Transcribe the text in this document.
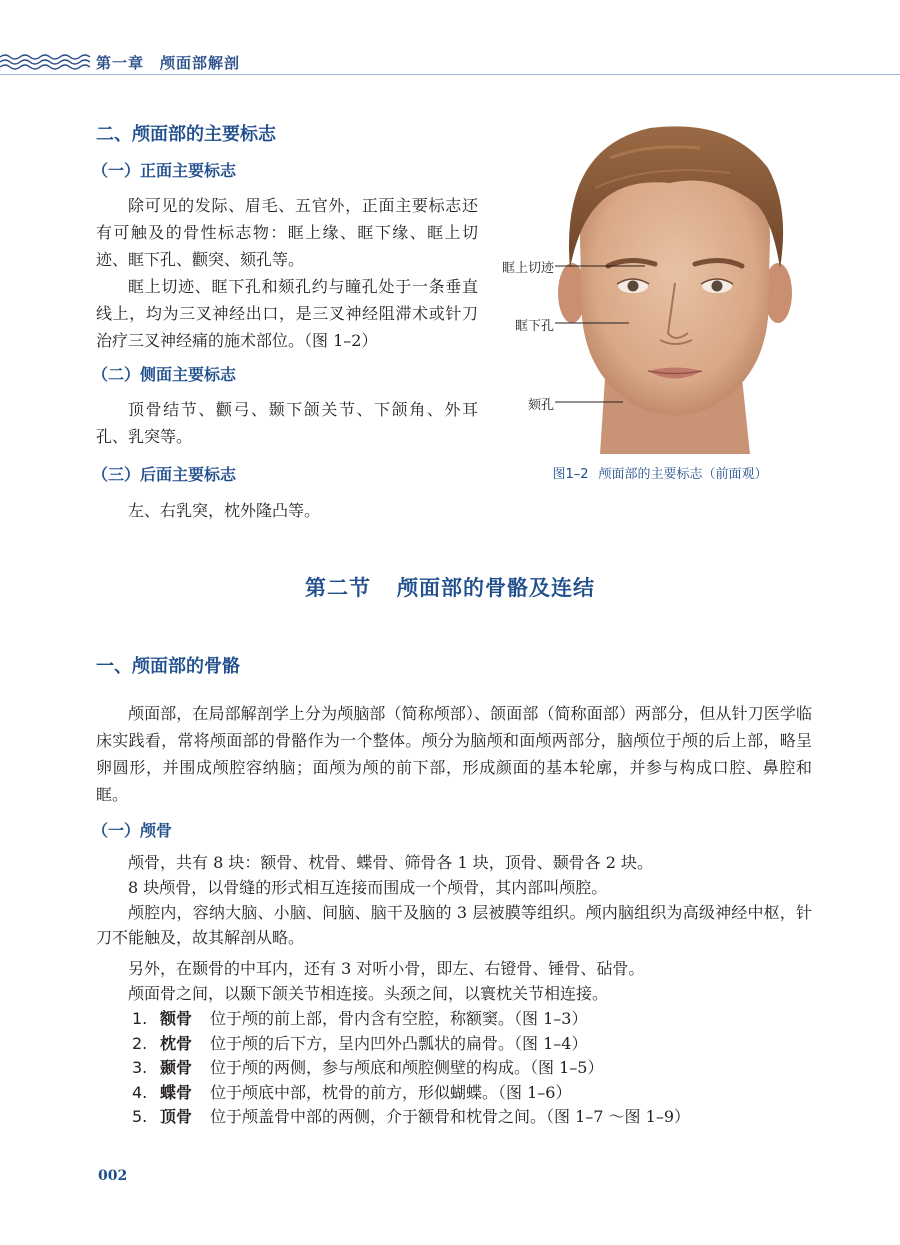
第一章　颅面部解剖
二、颅面部的主要标志
（一）正面主要标志
除可见的发际、眉毛、五官外，正面主要标志还有可触及的骨性标志物：眶上缘、眶下缘、眶上切迹、眶下孔、颧突、颏孔等。
眶上切迹、眶下孔和颏孔约与瞳孔处于一条垂直线上，均为三叉神经出口，是三叉神经阻滞术或针刀治疗三叉神经痛的施术部位。（图 1–2）
（二）侧面主要标志
顶骨结节、颧弓、颞下颌关节、下颌角、外耳孔、乳突等。
（三）后面主要标志
左、右乳突，枕外隆凸等。
眶上切迹
眶下孔
颏孔
图1–2 颅面部的主要标志（前面观）
第二节 颅面部的骨骼及连结
一、颅面部的骨骼
颅面部，在局部解剖学上分为颅脑部（简称颅部）、颌面部（简称面部）两部分，但从针刀医学临床实践看，常将颅面部的骨骼作为一个整体。颅分为脑颅和面颅两部分，脑颅位于颅的后上部，略呈卵圆形，并围成颅腔容纳脑；面颅为颅的前下部，形成颜面的基本轮廓，并参与构成口腔、鼻腔和眶。
（一）颅骨
颅骨，共有 8 块：额骨、枕骨、蝶骨、筛骨各 1 块，顶骨、颞骨各 2 块。
8 块颅骨，以骨缝的形式相互连接而围成一个颅骨，其内部叫颅腔。
颅腔内，容纳大脑、小脑、间脑、脑干及脑的 3 层被膜等组织。颅内脑组织为高级神经中枢，针刀不能触及，故其解剖从略。
另外，在颞骨的中耳内，还有 3 对听小骨，即左、右镫骨、锤骨、砧骨。
颅面骨之间，以颞下颌关节相连接。头颈之间，以寰枕关节相连接。
1. 额骨 位于颅的前上部，骨内含有空腔，称额窦。（图 1–3）
2. 枕骨 位于颅的后下方，呈内凹外凸瓢状的扁骨。（图 1–4）
3. 颞骨 位于颅的两侧，参与颅底和颅腔侧壁的构成。（图 1–5）
4. 蝶骨 位于颅底中部，枕骨的前方，形似蝴蝶。（图 1–6）
5. 顶骨 位于颅盖骨中部的两侧，介于额骨和枕骨之间。（图 1–7 ～图 1–9）
002
